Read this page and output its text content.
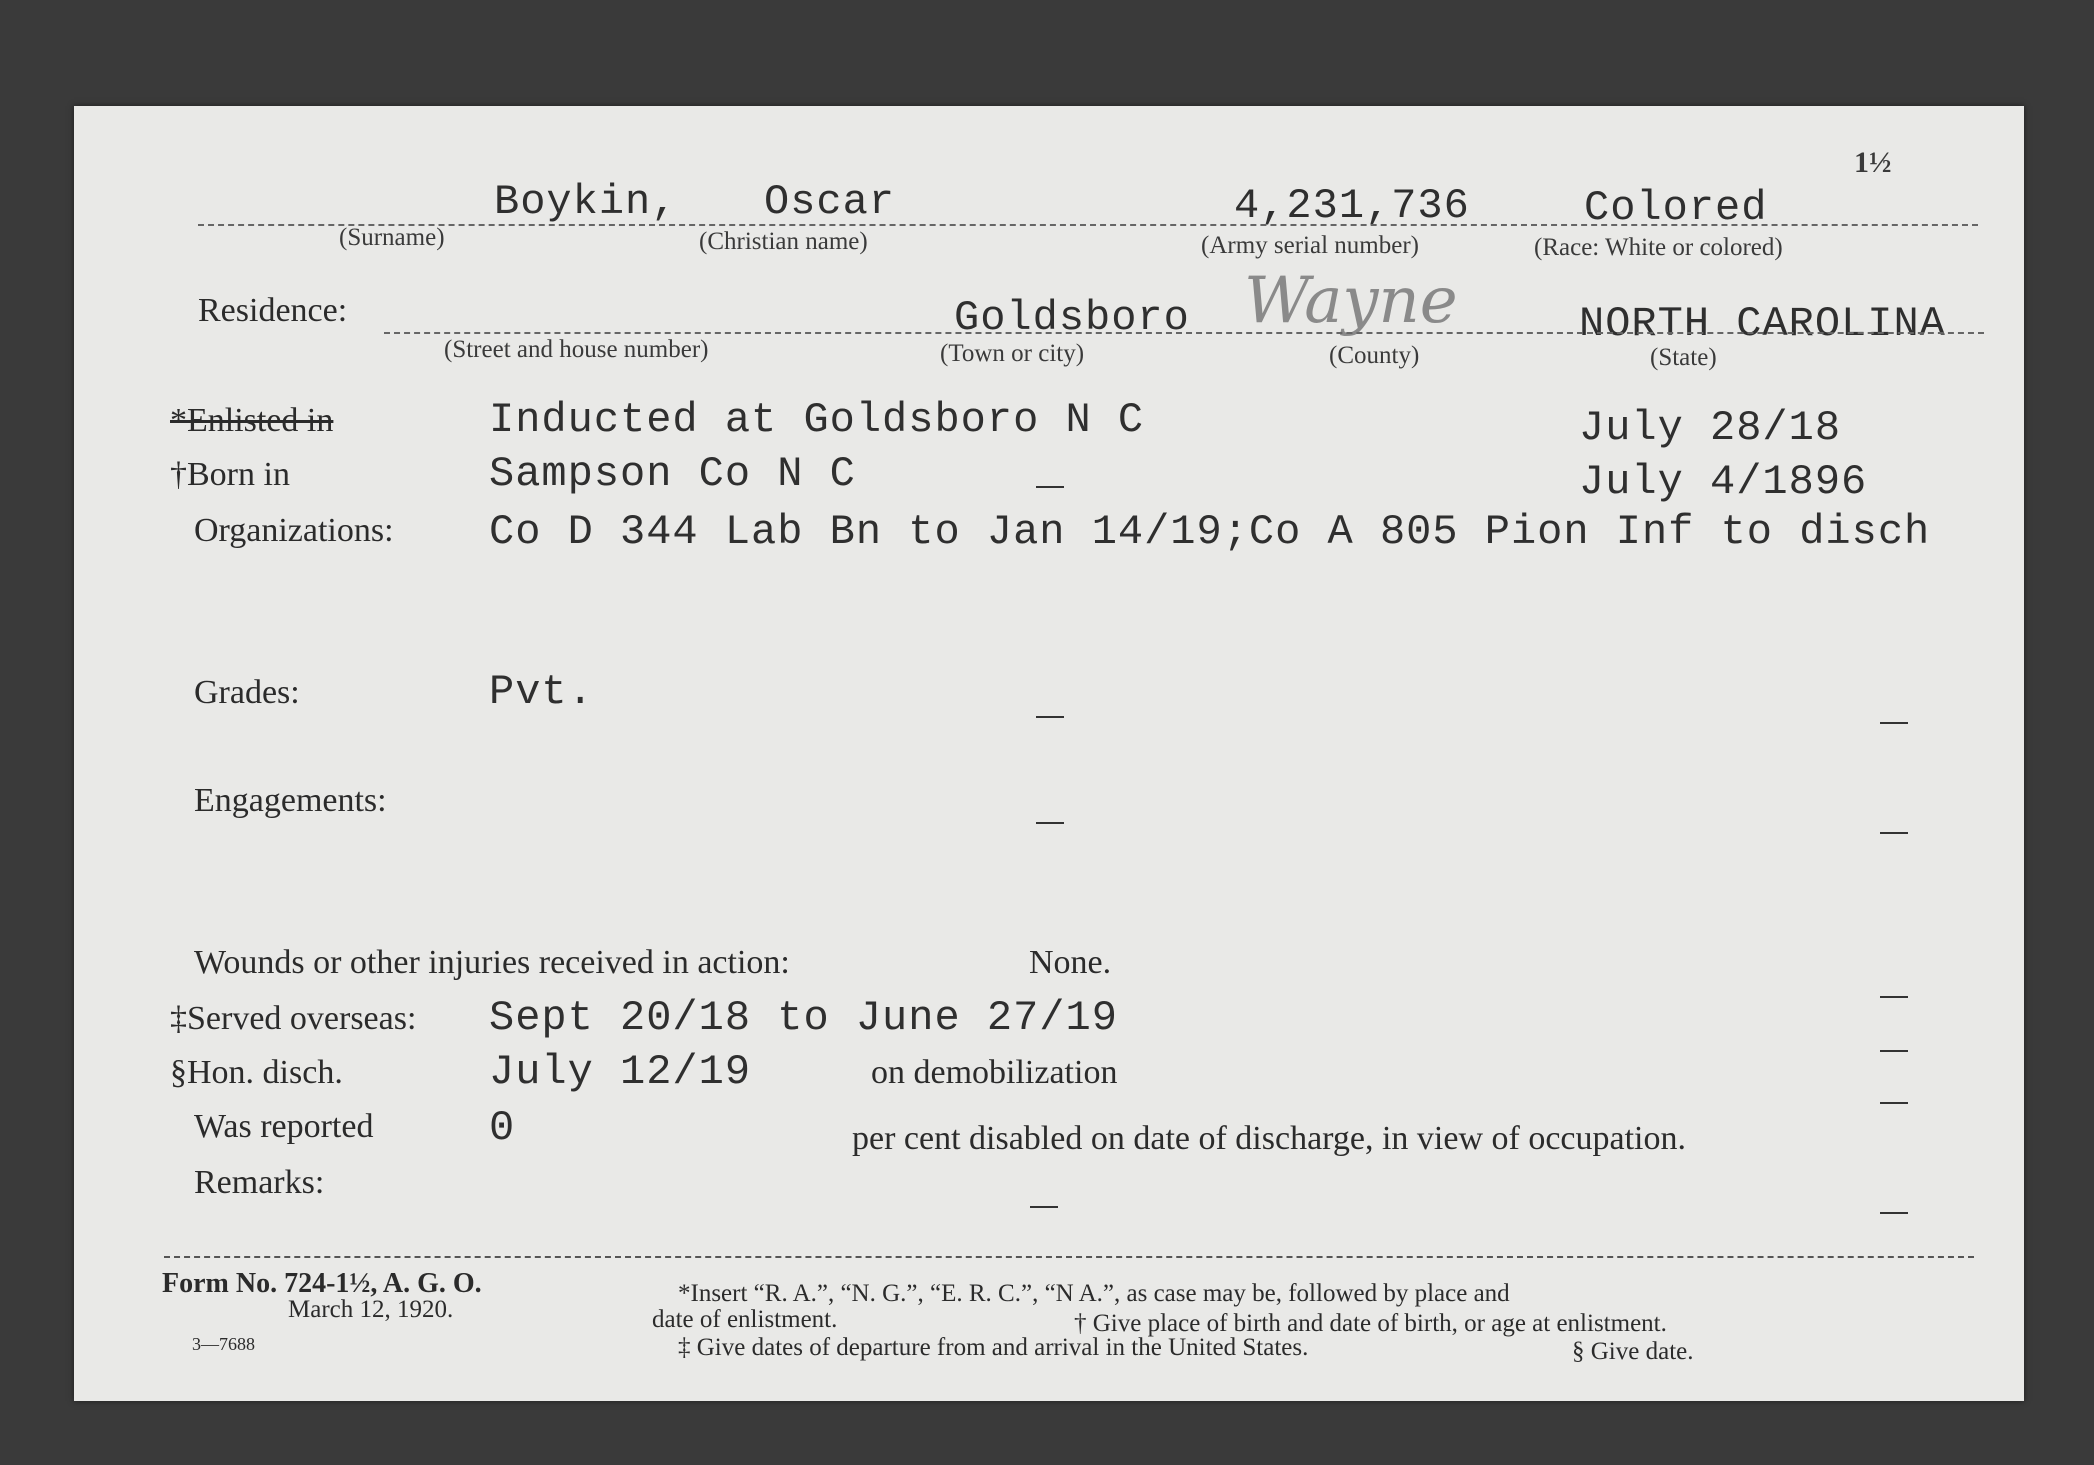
1½
Boykin, Oscar	4,231,736	Colored
(Surname)	(Christian name)	(Army serial number)	(Race: White or colored)
Residence:	Goldsboro Wayne	NORTH CAROLINA
(Street and house number)	(Town or city)	(County)	(State)
*Enlisted in	Inducted at Goldsboro N C	July 28/18
†Born in	Sampson Co N C	July 4/1896
Organizations: Co D 344 Lab Bn to Jan 14/19;Co A 805 Pion Inf to disch
Grades:	Pvt.
Engagements:
Wounds or other injuries received in action:	None.
‡Served overseas: Sept 20/18 to June 27/19
§Hon. disch.	July 12/19	on demobilization
Was reported	0	per cent disabled on date of discharge, in view of occupation.
Remarks:
Form No. 724-1½, A. G. O.
March 12, 1920.
3—7688
*Insert “R. A.”, “N. G.”, “E. R. C.”, “N A.”, as case may be, followed by place and
date of enlistment.	† Give place of birth and date of birth, or age at enlistment.
‡ Give dates of departure from and arrival in the United States.	§ Give date.
